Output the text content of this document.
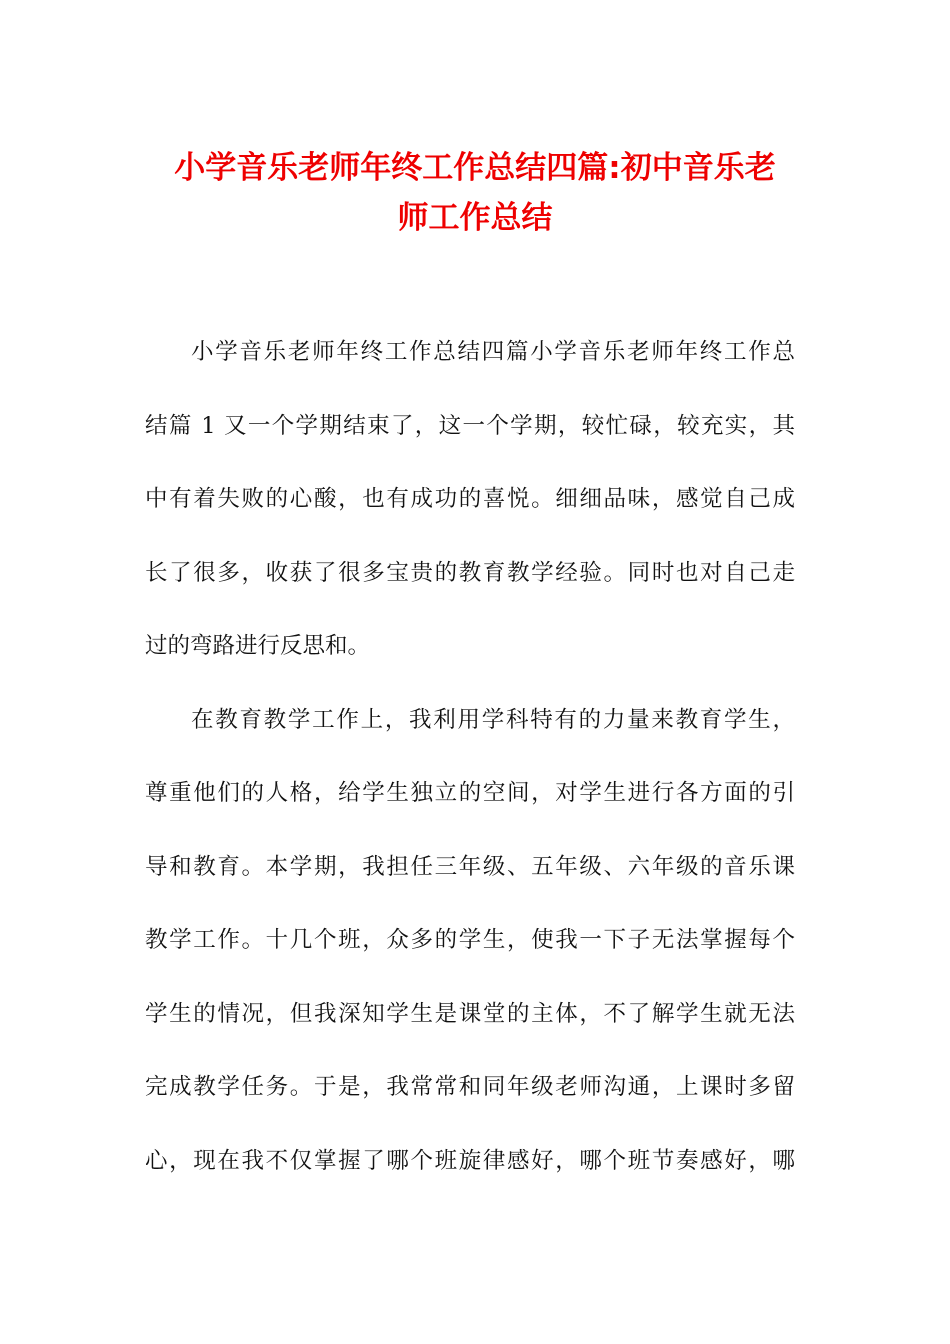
小学音乐老师年终工作总结四篇:初中音乐老
师工作总结
小学音乐老师年终工作总结四篇小学音乐老师年终工作总
结篇 1 又一个学期结束了，这一个学期，较忙碌，较充实，其
中有着失败的心酸，也有成功的喜悦。细细品味，感觉自己成
长了很多，收获了很多宝贵的教育教学经验。同时也对自己走
过的弯路进行反思和。
在教育教学工作上，我利用学科特有的力量来教育学生，
尊重他们的人格，给学生独立的空间，对学生进行各方面的引
导和教育。本学期，我担任三年级、五年级、六年级的音乐课
教学工作。十几个班，众多的学生，使我一下子无法掌握每个
学生的情况，但我深知学生是课堂的主体，不了解学生就无法
完成教学任务。于是，我常常和同年级老师沟通，上课时多留
心，现在我不仅掌握了哪个班旋律感好，哪个班节奏感好，哪
